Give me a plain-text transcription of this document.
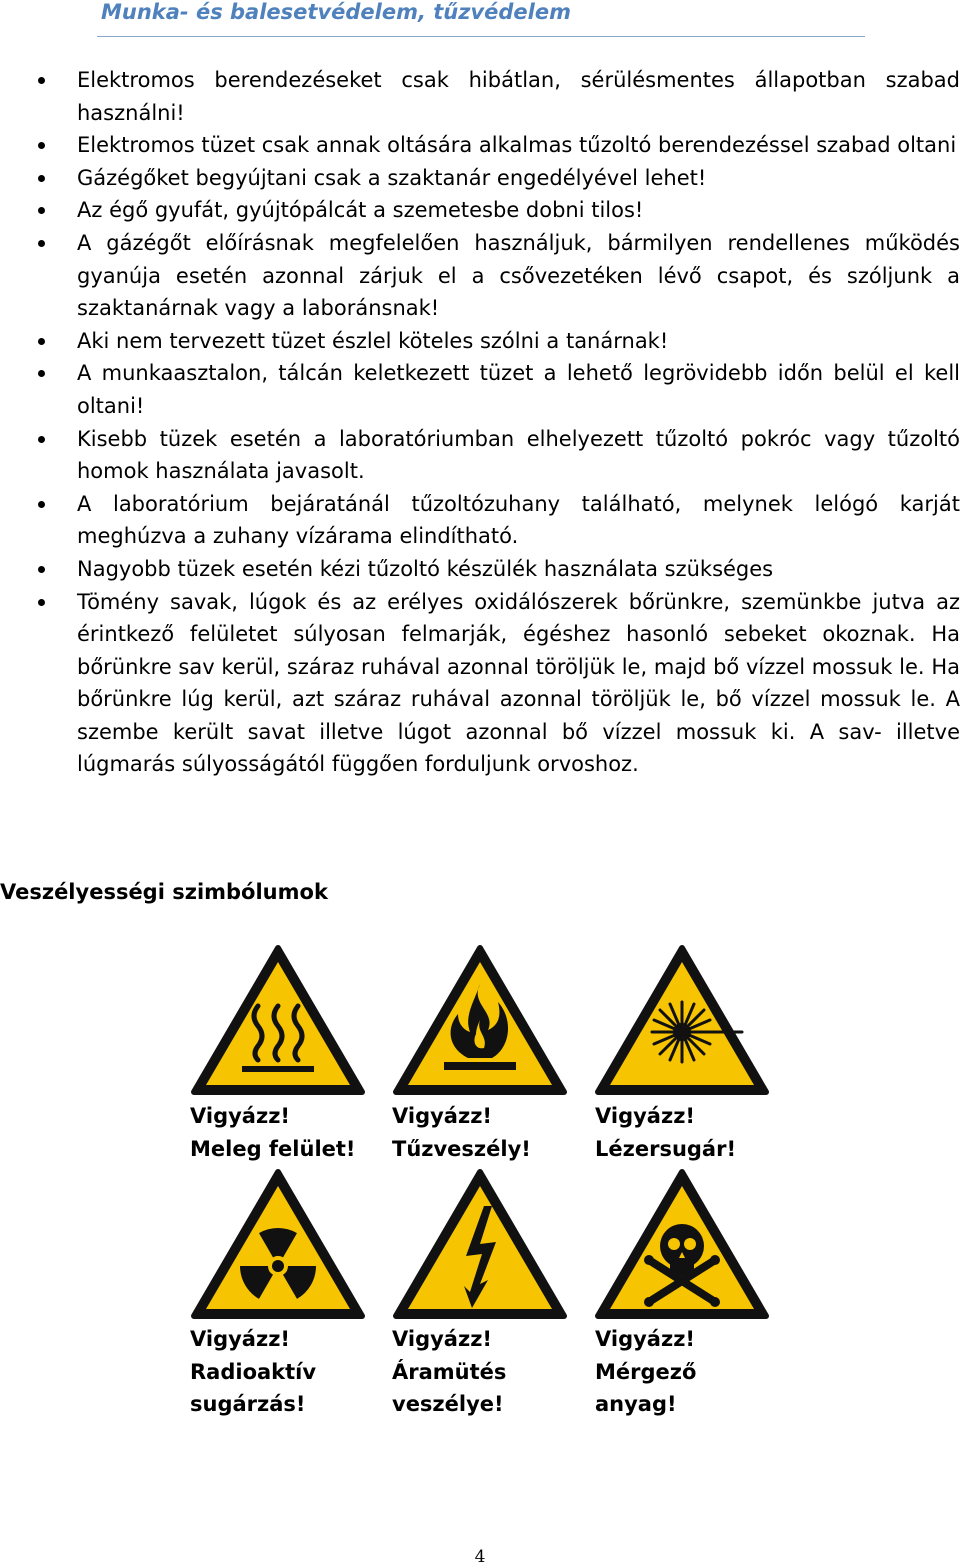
Munka- és balesetvédelem, tűzvédelem
Elektromos berendezéseket csak hibátlan, sérülésmentes állapotban szabad használni!
Elektromos tüzet csak annak oltására alkalmas tűzoltó berendezéssel szabad oltani
Gázégőket begyújtani csak a szaktanár engedélyével lehet!
Az égő gyufát, gyújtópálcát a szemetesbe dobni tilos!
A gázégőt előírásnak megfelelően használjuk, bármilyen rendellenes működés gyanúja esetén azonnal zárjuk el a csővezetéken lévő csapot, és szóljunk a szaktanárnak vagy a laboránsnak!
Aki nem tervezett tüzet észlel köteles szólni a tanárnak!
A munkaasztalon, tálcán keletkezett tüzet a lehető legrövidebb időn belül el kell oltani!
Kisebb tüzek esetén a laboratóriumban elhelyezett tűzoltó pokróc vagy tűzoltó homok használata javasolt.
A laboratórium bejáratánál tűzoltózuhany található, melynek lelógó karját meghúzva a zuhany vízárama elindítható.
Nagyobb tüzek esetén kézi tűzoltó készülék használata szükséges
Tömény savak, lúgok és az erélyes oxidálószerek bőrünkre, szemünkbe jutva az érintkező felületet súlyosan felmarják, égéshez hasonló sebeket okoznak. Ha bőrünkre sav kerül, száraz ruhával azonnal töröljük le, majd bő vízzel mossuk le. Ha bőrünkre lúg kerül, azt száraz ruhával azonnal töröljük le, bő vízzel mossuk le. A szembe került savat illetve lúgot azonnal bő vízzel mossuk ki. A sav- illetve lúgmarás súlyosságától függően forduljunk orvoshoz.
Veszélyességi szimbólumok
Vigyázz!
Meleg felület!
Vigyázz!
Tűzveszély!
Vigyázz!
Lézersugár!
Vigyázz!
Radioaktív
sugárzás!
Vigyázz!
Áramütés
veszélye!
Vigyázz!
Mérgező
anyag!
4
